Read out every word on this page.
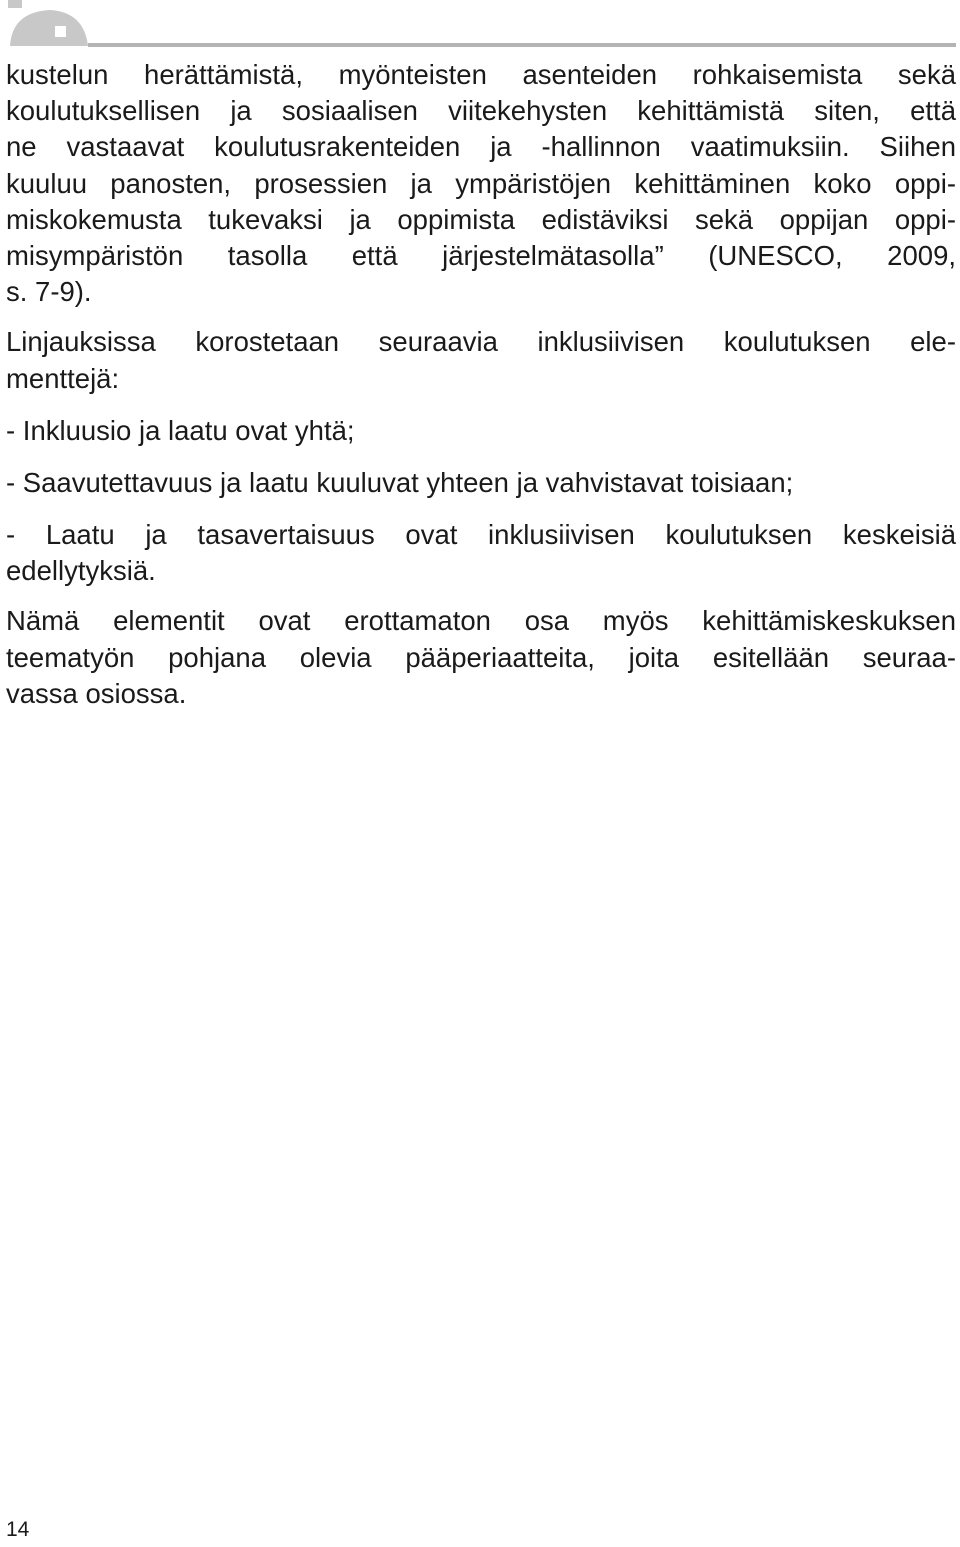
kustelun herättämistä, myönteisten asenteiden rohkaisemista sekä
koulutuksellisen ja sosiaalisen viitekehysten kehittämistä siten, että
ne vastaavat koulutusrakenteiden ja -hallinnon vaatimuksiin. Siihen
kuuluu panosten, prosessien ja ympäristöjen kehittäminen koko oppi-
miskokemusta tukevaksi ja oppimista edistäviksi sekä oppijan oppi-
misympäristön tasolla että järjestelmätasolla” (UNESCO, 2009,
s. 7-9).
Linjauksissa korostetaan seuraavia inklusiivisen koulutuksen ele-
menttejä:
- Inkluusio ja laatu ovat yhtä;
- Saavutettavuus ja laatu kuuluvat yhteen ja vahvistavat toisiaan;
- Laatu ja tasavertaisuus ovat inklusiivisen koulutuksen keskeisiä
edellytyksiä.
Nämä elementit ovat erottamaton osa myös kehittämiskeskuksen
teematyön pohjana olevia pääperiaatteita, joita esitellään seuraa-
vassa osiossa.
14
